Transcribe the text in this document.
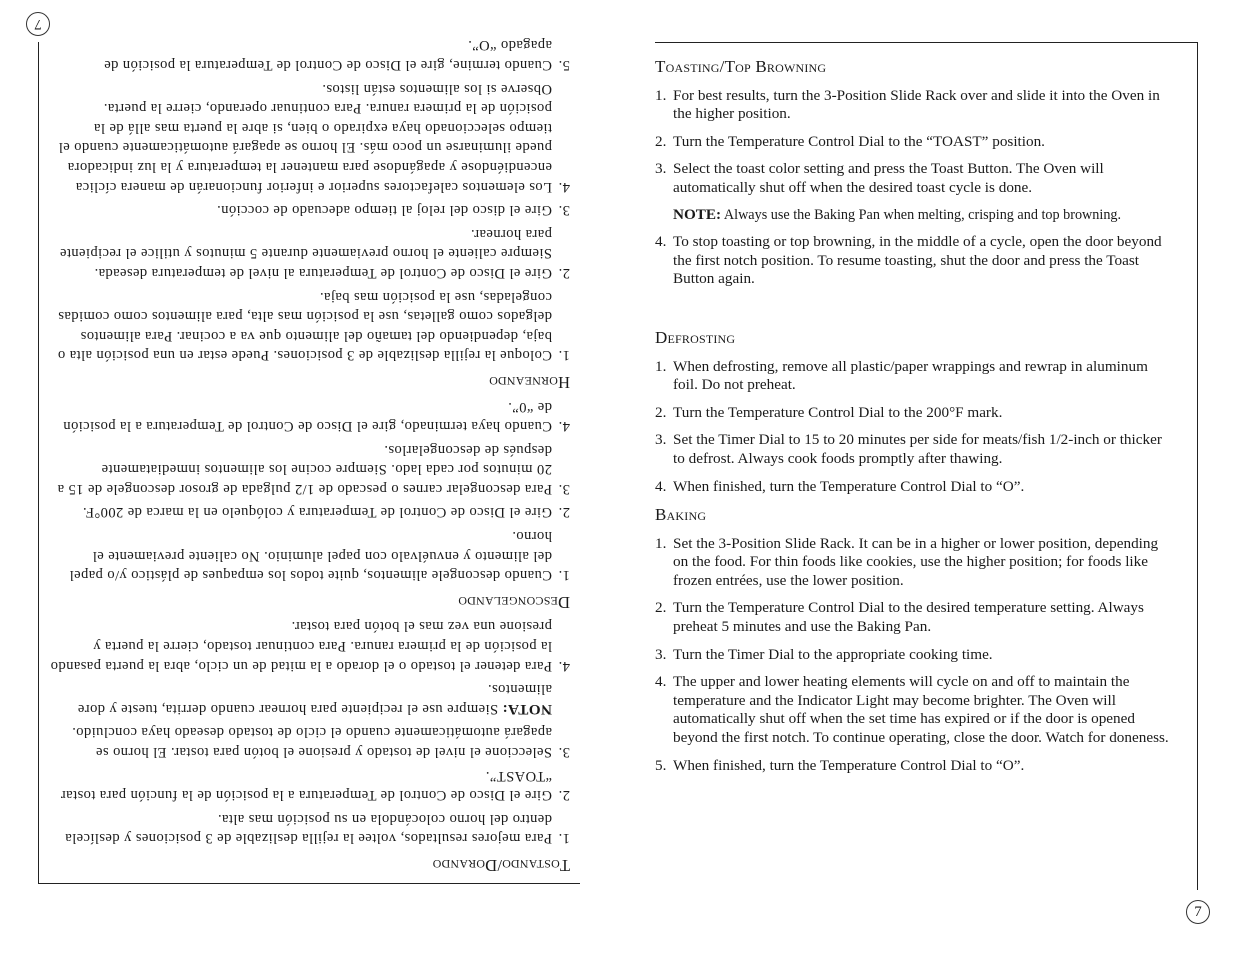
7
7
Toasting/Top Browning
1. For best results, turn the 3-Position Slide Rack over and slide it into the Oven in the higher position.
2. Turn the Temperature Control Dial to the “TOAST” position.
3. Select the toast color setting and press the Toast Button. The Oven will automatically shut off when the desired toast cycle is done.
NOTE: Always use the Baking Pan when melting, crisping and top browning.
4. To stop toasting or top browning, in the middle of a cycle, open the door beyond the first notch position. To resume toasting, shut the door and press the Toast Button again.
Defrosting
1. When defrosting, remove all plastic/paper wrappings and rewrap in aluminum foil. Do not preheat.
2. Turn the Temperature Control Dial to the 200°F mark.
3. Set the Timer Dial to 15 to 20 minutes per side for meats/fish 1/2-inch or thicker to defrost. Always cook foods promptly after thawing.
4. When finished, turn the Temperature Control Dial to “O”.
Baking
1. Set the 3-Position Slide Rack. It can be in a higher or lower position, depending on the food. For thin foods like cookies, use the higher position; for foods like frozen entrées, use the lower position.
2. Turn the Temperature Control Dial to the desired temperature setting. Always preheat 5 minutes and use the Baking Pan.
3. Turn the Timer Dial to the appropriate cooking time.
4. The upper and lower heating elements will cycle on and off to maintain the temperature and the Indicator Light may become brighter. The Oven will automatically shut off when the set time has expired or if the door is opened beyond the first notch. To continue operating, close the door. Watch for doneness.
5. When finished, turn the Temperature Control Dial to “O”.
Tostando/Dorando
1.
Para mejores resultados, voltee la rejilla deslizable de 3 posiciones y deslícela dentro del horno colocándola en su posición mas alta.
2.
Gire el Disco de Control de Temperatura a la posición de la función para tostar “TOAST”.
3.
Seleccione el nivel de tostado y presione el botón para tostar. El horno se apagará automáticamente cuando el ciclo de tostado deseado haya concluido.
NOTA: Siempre use el recipiente para hornear cuando derrita, tueste y dore alimentos.
4.
Para detener el tostado o el dorado a la mitad de un ciclo, abra la puerta pasando la posición de la primera ranura. Para continuar tostado, cierre la puerta y presione una vez mas el botón para tostar.
Descongelando
1.
Cuando descongele alimentos, quite todos los empaques de plástico y/o papel del alimento y envuélvalo con papel aluminio. No caliente previamente el horno.
2.
Gire el Disco de Control de Temperatura y colóquelo en la marca de 200°F.
3.
Para descongelar carnes o pescado de 1/2 pulgada de grosor descongele de 15 a 20 minutos por cada lado. Siempre cocine los alimentos inmediatamente después de descongelarlos.
4.
Cuando haya terminado, gire el Disco de Control de Temperatura a la posición de “0”.
Horneando
1.
Coloque la rejilla deslizable de 3 posiciones. Puede estar en una posición alta o baja, dependiendo del tamaño del alimento que va a cocinar. Para alimentos delgados como galletas, use la posición mas alta, para alimentos como comidas congeladas, use la posición mas baja.
2.
Gire el Disco de Control de Temperatura al nivel de temperatura deseada. Siempre caliente el horno previamente durante 5 minutos y utilice el recipiente para hornear.
3.
Gire el disco del reloj al tiempo adecuado de cocción.
4.
Los elementos calefactores superior e inferior funcionarán de manera cíclica encendiéndose y apagándose para mantener la temperatura y la luz indicadora puede iluminarse un poco más. El horno se apagará automáticamente cuando el tiempo seleccionado haya expirado o bien, si abre la puerta mas allá de la posición de la primera ranura. Para continuar operando, cierre la puerta. Observe si los alimentos están listos.
5.
Cuando termine, gire el Disco de Control de Temperatura la posición de apagado “O”.
